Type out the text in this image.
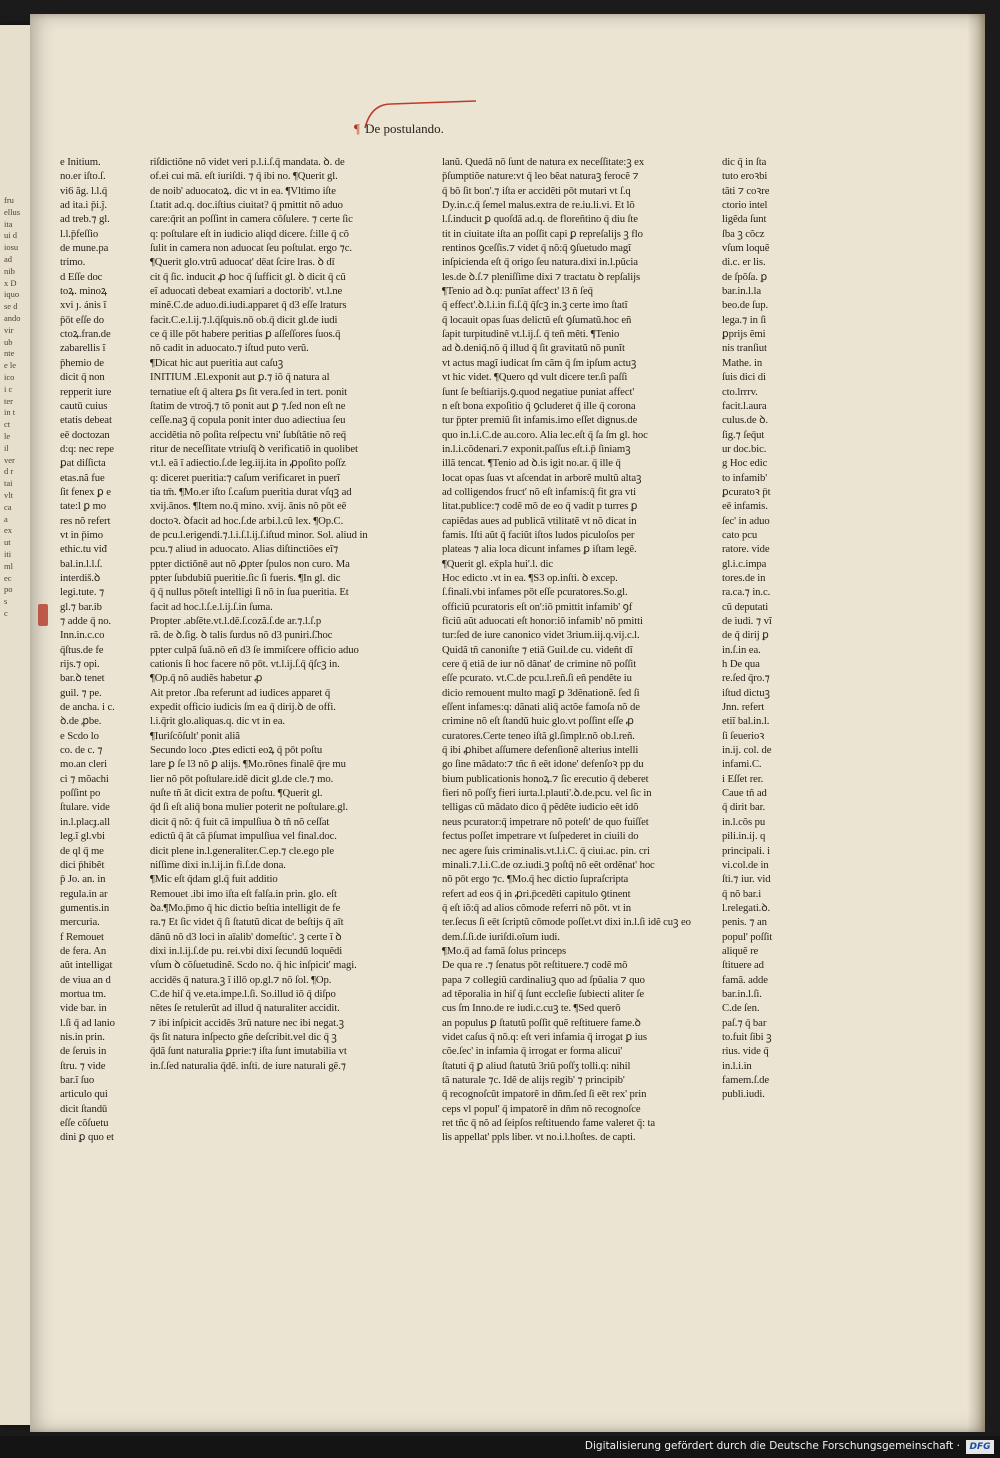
fru
ellus
ita
ui d
iosu
ad
nib
x D
iquo
se d
ando
vir
ub
nte
e le
ico
i c
ter
in t
ct
le
il
ver
d r
tai
vlt
ca
a
ex
ut
iti
ml
ec
po
s
c
¶ De postulando.
e Initium.
no.er iſto.ſ.
vi6 ăg. l.l.q̄
ad ita.i p̄i.ĵ.
ad treb.⁊ gl.
l.l.p̄feſſio
de mune.pa
trimo.
d Eſſe doc
toꝝ. minoꝝ
xvi ȷ. ánis ĩ
p̄ōt eſſe do
ctoꝝ.fran.de
zabarellis ĩ
p̄hemio de
dicit q̄ non
repperit iure
cautū cuius
etatis debeat
eē doctozan
d:q: nec repe
ꝑat diſſicta
etas.nã fue
ſit fenex ꝑ e
tate:l ꝑ mo
res nõ refert
vt in p̄imo
ethic.tu viđ
bal.in.l.l.ſ.
interdiš.ꝺ
legi.tute. ⁊
gl.⁊ bar.ib
⁊ adde q̄ no.
Inn.in.c.co
q̄ſtus.de fe
rijs.⁊ opi.
bar.ꝺ tenet
guil. ⁊ pe.
de ancha. i c.
ꝺ.de ꝓbe.
e Scdo lo
co. de c. ⁊
mo.an cleri
ci ⁊ mõachi
poſſint po
ſtulare. vide
in.l.placɟ.all
leg.ĩ gl.vbi
de ql q̄ me
dici p̄hibẽt
p̄ Jo. an. in
regula.in ar
gumentis.in
mercuria.
f Remouet
de fera. An
aũt intelligat
de viua an d
mortua tm.
vide bar. in
l.ſi q̄ ad lanio
nis.in prin.
de ſeruis in
ſtru. ⁊ vide
bar.ĩ ſuo
articulo qui
dicit ſtandū
eſſe cõſuetu
dini ꝑ quo et
riſdictiõne nõ videt veri p.l.i.ſ.q̄ mandata. ꝺ. de
of.ei cui mã. eſt iuriſdi. ⁊ q̄ ibi no. ¶Querit gl.
de noib' aduocatoꝝ. dic vt in ea. ¶Vltimo iſte
ſ.tatit ad.q. doc.iſtius ciuitat? q̄ pmittit nõ aduo
care:q̄rit an poſſint in camera cõſulere. ⁊ certe ſic
q: poſtulare eſt in iudicio aliqd dicere. ſ:ille q̄ cõ
ſulit in camera non aduocat ſeu poſtulat. ergo ⁊c.
¶Querit glo.vtrũ aduocat' dēat ſcire lras. ꝺ dī
cit q̄ ſic. inducit ꝓ hoc q̄ ſufficit gl. ꝺ dicit q̄ cũ
eĩ aduocati debeat examiari a doctorib'. vt.l.ne
minẽ.C.de aduo.di.iudi.apparet q̄ d3 eſſe lraturs
facit.C.e.l.ij.⁊.l.q̄ſquis.nō ob.q̄ dicit gl.de iudi
ce q̄ ille pōt habere peritias ꝑ aſſeſſores ſuos.q̄
nõ cadit in aduocato.⁊ iſtud puto verũ.
¶Dicat hic aut pueritia aut caſuꝫ
INITIUM .El.exponit aut ꝑ.⁊ iõ q̄ natura al
ternatiue eſt q̄ altera ꝑs ſit vera.ſed in tert. ponit
ſtatim de vtroq̄.⁊ tõ ponit aut ꝑ ⁊.ſed non eſt ne
ceſſe.naꝫ q̄ copula ponit inter duo adiectiua ſeu
accidẽtia nõ poſita reſpectu vni' ſubſtãtie nõ req̄
ritur de neceſſitate vtriuſq̄ ꝺ verificatiõ in quolibet
vt.l. eã ĩ adiectio.ſ.de leg.iij.ita in ꝓpoſito poſſz
q: diceret pueritia:⁊ caſum verificaret in puerĩ
tia tm̄. ¶Mo.er iſto ſ.caſum pueritia durat vſqꝫ ad
xvij.ãnos. ¶Item no.q̄ mino. xvij. ãnis nõ pōt eē
doctoꝛ. ꝺfacit ad hoc.ſ.de arbi.l.cũ lex. ¶Op.C.
de pcu.l.erigendi.⁊.l.i.ſ.l.ij.ſ.iſtud minor. Sol. aliud in
pcu.⁊ aliud in aduocato. Alias diſtinctiões eĩ⁊
ppter dictiõnē aut nõ ꝓpter ſpulos non curo. Ma
ppter ſubdubiũ pueritie.ſic ſi fueris. ¶In gl. dic
q̄ q̄ nullus pōteſt intelligi ſi nõ in ſua pueritia. Et
facit ad hoc.l.ſ.e.l.ij.ſ.in ſuma.
Propter .abſẽte.vt.l.dẽ.ſ.cozã.ſ.de ar.⁊.l.ſ.p
rã. de ꝺ.ſig. ꝺ talis ſurdus nõ d3 puniri.ſ̃.hoc
ppter culpã ſuã.nõ eñ d3 ſe immiſcere officio aduo
cationis ſi hoc facere nõ pōt. vt.l.ij.ſ.q̄ q̄ſcꝫ in.
¶Op.q̄ nõ audiẽs habetur ꝓ
Ait pretor .ſba referunt ad iudices apparet q̄
expedit officio iudicis ſm ea q̄ dirij.ꝺ de offi.
l.i.q̄rit glo.aliquas.q. dic vt in ea.
¶Iuriſcõſult' ponit aliã
Secundo loco .ꝑtes edicti eoꝝ q̄ pōt poſtu
lare ꝑ ſe l3 nõ ꝑ alijs. ¶Mo.rõnes finalẽ q̄re mu
lier nõ pōt poſtulare.idẽ dicit gl.de cle.⁊ mo.
nuſte tñ ãt dicit extra de poſtu. ¶Querit gl.
q̄d ſi eſt aliq̄ bona mulier poterit ne poſtulare.gl.
dicit q̄ nõ: q̄ fuit cã impulſiua ꝺ tñ nõ ceſſat
edictũ q̄ ãt cã p̄ſumat impulſiua vel final.doc.
dicit plene in.l.generaliter.C.ep.⁊ cle.ego ple
niſſime dixi in.l.ij.in fi.ſ.de dona.
¶Mic eſt q̄dam gl.q̄ fuit additio
Remouet .ibi imo iſta eſt falſa.in prin. glo. eſt
ꝺa.¶Mo.p̄mo q̄ hic dictio beſtia intelligit de fe
ra.⁊ Et ſic videt q̄ ſi ſtatutũ dicat de beſtijs q̄ aīt
dãnũ nõ d3 loci in aīalib' domeſtic'. ꝫ certe ĩ ꝺ
dixi in.l.ij.ſ.de pu. rei.vbi dixi ſecundũ loquẽdi
vſum ꝺ cõſuetudinẽ. Scdo no. q̄ hic inſpicit' magi.
accidēs q̄ natura.ꝫ ĩ illō op.gl.⁊ nõ ſol. ¶Op.
C.de hiſ q̄ ve.eta.impe.l.ſi. So.illud iõ q̄ diſpo
nẽtes ſe retulerũt ad illud q̄ naturaliter accidit.
⁊ ibi inſpicit accidẽs 3rũ nature nec ibi negat.ꝫ
q̄s ſit natura inſpecto gñe deſcribit.vel dic q̄ ꝫ
q̄dã ſunt naturalia ꝑprie:⁊ iſta ſunt imutabilia vt
in.ſ.ſed naturalia q̄dẽ. inſti. de iure naturali gẽ.⁊
lanũ. Quedã nõ ſunt de natura ex neceſſitate:ꝫ ex
p̄ſumptiõe nature:vt q̄ leo bẽat naturaꝫ ferocẽ ⁊
q̄ bõ ſit bon'.⁊ iſta er accidẽti pōt mutari vt ſ.q
Dy.in.c.q̄ ſemel malus.extra de re.iu.li.vi. Et lõ
l.ſ.inducit ꝑ quoſdã ad.q. de floreñtino q̄ diu ſte
tit in ciuitate iſta an poſſit capi ꝑ repreſalijs ꝫ flo
rentinos ꝯceſſis.⁊ videt q̄ nõ:q̄ ꝯſuetudo magĩ
inſpicienda eſt q̄ origo ſeu natura.dixi in.l.pũcia
les.de ꝺ.ſ.⁊ pleniſſime dixi ⁊ tractatu ꝺ repſalijs
¶Tenio ad ꝺ.q: punĩat affect' l3 ñ ſeq̄
q̄ effect'.ꝺ.l.i.in fi.ſ.q̄ q̄ſcꝫ in.ꝫ certe imo ſtatĩ
q̄ locauit opas ſuas delictũ eſt ꝯſumatũ.hoc eñ
ſapit turpitudinẽ vt.l.ij.ſ. q̄ teñ mẽti. ¶Tenio
ad ꝺ.deniq̄.nõ q̄ illud q̄ ſit gravitatũ nõ punĩt
vt actus magĩ iudicat ſm cãm q̄ ſm ipſum actuꝫ
vt hic videt. ¶Quero qd vult dicere ter.ſi paſſi
ſunt ſe beſtiarijs.ꝯ.quod negatiue puniat affect'
n eſt bona expoſitio q̄ ꝯcluderet q̄ ille q̄ corona
tur p̄pter premiũ ſit infamis.imo eſſet dignus.de
quo in.l.i.C.de au.coro. Alia lec.eſt q̄ ſa ſm gl. hoc
in.l.i.cõdenari.⁊ exponit.paſſus eſt.i.p̄ ſiniamꝫ
illã tencat. ¶Tenio ad ꝺ.is igit no.ar. q̄ ille q̄
locat opas ſuas vt aſcendat in arborẽ multũ altaꝫ
ad colligendos fruct' nõ eſt infamis:q̄ fit gra vti
litat.publice:⁊ codẽ mõ de eo q̄ vadit p turres ꝑ
capiẽdas aues ad publicã vtilitatẽ vt nõ dicat in
famis. Iſti aũt q̄ faciũt iſtos ludos piculoſos per
plateas ⁊ alia loca dicunt infames ꝑ iſtam legẽ.
¶Querit gl. ex̄pla hui'.l. dic
Hoc edicto .vt in ea. ¶S3 op.inſti. ꝺ excep.
ſ.finali.vbi infames pōt eſſe pcuratores.So.gl.
officiũ pcuratoris eſt on':iõ pmittit infamib' ꝯf
ficiũ aũt aduocati eſt honor:iõ infamib' nõ pmitti
tur:ſed de iure canonico videt 3rium.iij.q.vij.c.l.
Quidã tñ canoniſte ⁊ etiã Guil.de cu. videñt dĩ
cere q̄ etiã de iur nõ dãnat' de crimine nõ poſſit
eſſe pcurato. vt.C.de pcu.l.reñ.ſi eñ pendẽte iu
dicio remouent multo magĩ ꝑ 3dẽnationẽ. ſed ſi
eſſent infames:q: dãnati aliq̄ actõe famoſa nõ de
crimine nõ eſt ſtandũ huic glo.vt poſſint eſſe ꝓ
curatores.Certe teneo iſtã gl.ſimplr.nõ ob.l.reñ.
q̄ ibi ꝓhibet aſſumere defenſionẽ alterius intelli
go ſine mãdato:⁊ tñc ñ eẽt idone' defenſoꝛ pp du
bium publicationis honoꝝ.⁊ ſic erecutio q̄ deberet
fieri nõ poſſʒ fieri iurta.l.plauti'.ꝺ.de.pcu. vel ſic in
telligas cũ mãdato dico q̄ pẽdẽte iudicio eẽt idõ
neus pcurator:q̄ impetrare nõ poteſt' de quo fuiſſet
fectus poſſet impetrare vt ſuſpederet in ciuili do
nec agere ſuis criminalis.vt.l.i.C. q̄ ciui.ac. pin. cri
minali.⁊.l.i.C.de oz.iudi.ꝫ poſtq̄ nõ eẽt ordẽnat' hoc
nõ pōt ergo ⁊c. ¶Mo.q̄ hec dictio ſupraſcripta
refert ad eos q̄ in ꝓri.p̄cedẽti capitulo ꝯtinent
q̄ eſt iõ:q̄ ad alios cõmode referri nõ pōt. vt in
ter.ſecus ſi eēt ſcriptũ cõmode poſſet.vt dixi in.l.ſi idẽ cuꝫ eo
dem.ſ.ſi.de iuriſdi.oĩum iudi.
¶Mo.q̄ ad famã ſolus princeps
De qua re .⁊ ſenatus pōt reſtituere.⁊ codẽ mõ
papa ⁊ collegiũ cardinaliuꝫ quo ad ſpũalia ⁊ quo
ad tẽporalia in hiſ q̄ ſunt eccleſie ſubiecti aliter ſe
cus ſm Inno.de re iudi.c.cuꝫ te. ¶Sed querõ
an populus ꝑ ſtatutũ poſſit quẽ reſtituere fame.ꝺ
videt caſus q̄ nõ.q: eſt veri infamia q̄ irrogat ꝑ ius
cõe.ſec' in infamia q̄ irrogat er forma alicui'
ſtatuti q̄ ꝑ aliud ſtatutũ 3riũ poſſʒ tolli.q: nihil
tã naturale ⁊c. Idẽ de alijs regib' ⁊ principib'
q̄ recognoſcũt impatorẽ in dñm.ſed ſi eēt rex' prin
ceps vl popul' q̄ impatorẽ in dñm nõ recognoſce
ret tñc q̄ nõ ad ſeipſos reſtituendo fame valeret q̄: ta
lis appellat' ppls liber. vt no.i.l.hoſtes. de capti.
dic q̄ in ſta
tuto eroꝛbi
tãti ⁊ coꝛre
ctorio intel
ligẽda ſunt
ſba ꝫ cõcz
vſum loquẽ
di.c. er lis.
de ſpõſa. ꝑ
bar.in.l.la
beo.de ſup.
lega.⁊ in ſi
ꝑprijs ẽmi
nis tranſiut
Mathe. in
ſuis dici di
cto.lrrrv.
facit.l.aura
culus.de ꝺ.
ſig.⁊ ſeq̄ut
ur doc.bic.
g Hoc edic
to infamib'
ꝑcuratoꝛ p̄t
eē infamis.
ſec' in aduo
cato pcu
ratore. vide
gl.i.c.impa
tores.de in
ra.ca.⁊ in.c.
cũ deputati
de iudi. ⁊ vĩ
de q̄ dirij ꝑ
in.ſ.in ea.
h De qua
re.ſed q̄ro.⁊
iſtud dictuꝫ
Jnn. refert
etiĩ bal.in.l.
ſi ſeuerioꝛ
in.ij. col. de
infami.C.
i Eſſet rer.
Caue tñ ad
q̄ dirit bar.
in.l.cõs pu
pili.in.ij. q
principali. i
vi.col.de in
ſti.⁊ iur. vid
q̄ nõ bar.i
l.relegati.ꝺ.
penis. ⁊ an
popul' poſſit
aliquẽ re
ſtituere ad
famã. adde
bar.in.l.ſi.
C.de ſen.
paſ.⁊ q̄ bar
to.fuit ſibi ꝫ
rius. vide q̄
in.l.i.in
famem.ſ.de
publi.iudi.
Digitalisierung gefördert durch die Deutsche Forschungsgemeinschaft ·	DFG
